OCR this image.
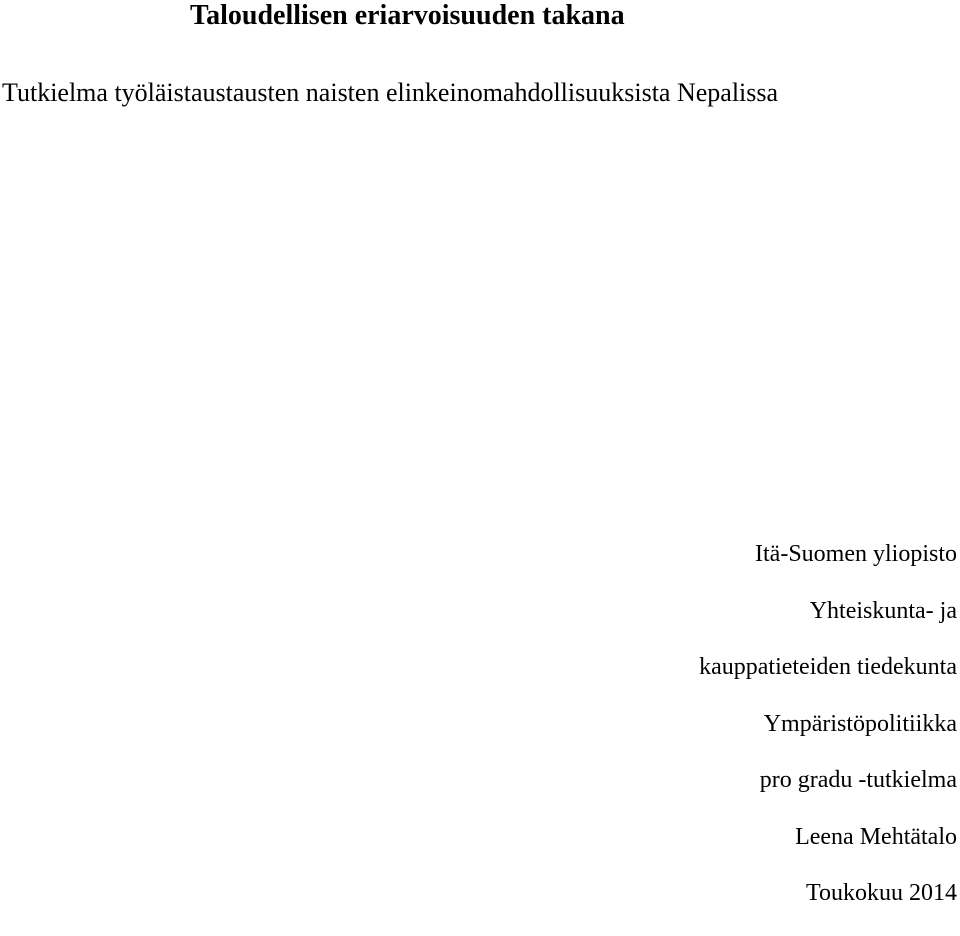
Taloudellisen eriarvoisuuden takana
Tutkielma työläistaustausten naisten elinkeinomahdollisuuksista Nepalissa
Itä-Suomen yliopisto
Yhteiskunta- ja
kauppatieteiden tiedekunta
Ympäristöpolitiikka
pro gradu -tutkielma
Leena Mehtätalo
Toukokuu 2014
